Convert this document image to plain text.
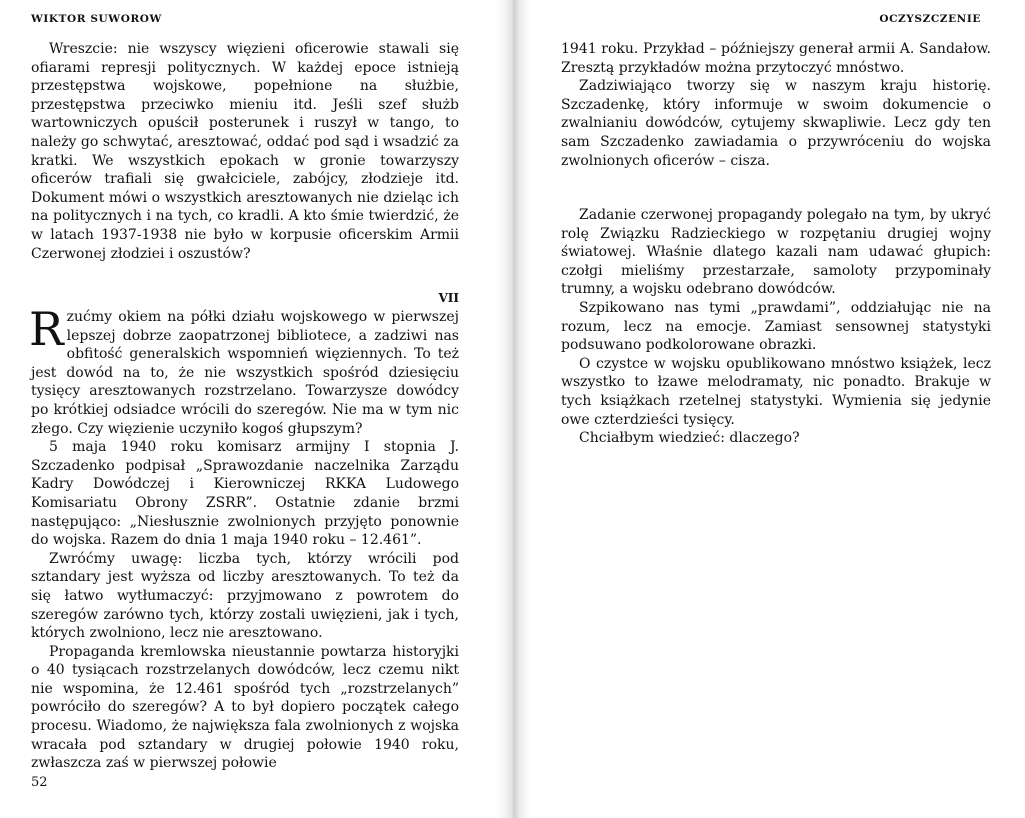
WIKTOR SUWOROW

Wreszcie: nie wszyscy więzieni oficerowie stawali się ofiarami represji politycznych. W każdej epoce istnieją przestępstwa wojskowe, popełnione na służbie, przestępstwa przeciwko mieniu itd. Jeśli szef służb wartowniczych opuścił posterunek i ruszył w tango, to należy go schwytać, aresztować, oddać pod sąd i wsadzić za kratki. We wszystkich epokach w gronie towarzyszy oficerów trafiali się gwałciciele, zabójcy, złodzieje itd. Dokument mówi o wszystkich aresztowanych nie dzieląc ich na politycznych i na tych, co kradli. A kto śmie twierdzić, że w latach 1937-1938 nie było w korpusie oficerskim Armii Czerwonej złodziei i oszustów?

VII

Rzućmy okiem na półki działu wojskowego w pierwszej lepszej dobrze zaopatrzonej bibliotece, a zadziwi nas obfitość generalskich wspomnień więziennych. To też jest dowód na to, że nie wszystkich spośród dziesięciu tysięcy aresztowanych rozstrzelano. Towarzysze dowódcy po krótkiej odsiadce wrócili do szeregów. Nie ma w tym nic złego. Czy więzienie uczyniło kogoś głupszym?

5 maja 1940 roku komisarz armijny I stopnia J. Szczadenko podpisał „Sprawozdanie naczelnika Zarządu Kadry Dowódczej i Kierowniczej RKKA Ludowego Komisariatu Obrony ZSRR”. Ostatnie zdanie brzmi następująco: „Niesłusznie zwolnionych przyjęto ponownie do wojska. Razem do dnia 1 maja 1940 roku – 12.461”.

Zwróćmy uwagę: liczba tych, którzy wrócili pod sztandary jest wyższa od liczby aresztowanych. To też da się łatwo wytłumaczyć: przyjmowano z powrotem do szeregów zarówno tych, którzy zostali uwięzieni, jak i tych, których zwolniono, lecz nie aresztowano.

Propaganda kremlowska nieustannie powtarza historyjki o 40 tysiącach rozstrzelanych dowódców, lecz czemu nikt nie wspomina, że 12.461 spośród tych „rozstrzelanych” powróciło do szeregów? A to był dopiero początek całego procesu. Wiadomo, że największa fala zwolnionych z wojska wracała pod sztandary w drugiej połowie 1940 roku, zwłaszcza zaś w pierwszej połowie

52
OCZYSZCZENIE

1941 roku. Przykład – późniejszy generał armii A. Sandałow. Zresztą przykładów można przytoczyć mnóstwo.

Zadziwiająco tworzy się w naszym kraju historię. Szczadenkę, który informuje w swoim dokumencie o zwalnianiu dowódców, cytujemy skwapliwie. Lecz gdy ten sam Szczadenko zawiadamia o przywróceniu do wojska zwolnionych oficerów – cisza.

Zadanie czerwonej propagandy polegało na tym, by ukryć rolę Związku Radzieckiego w rozpętaniu drugiej wojny światowej. Właśnie dlatego kazali nam udawać głupich: czołgi mieliśmy przestarzałe, samoloty przypominały trumny, a wojsku odebrano dowódców.

Szpikowano nas tymi „prawdami”, oddziałując nie na rozum, lecz na emocje. Zamiast sensownej statystyki podsuwano podkolorowane obrazki.

O czystce w wojsku opublikowano mnóstwo książek, lecz wszystko to łzawe melodramaty, nic ponadto. Brakuje w tych książkach rzetelnej statystyki. Wymienia się jedynie owe czterdzieści tysięcy.

Chciałbym wiedzieć: dlaczego?
